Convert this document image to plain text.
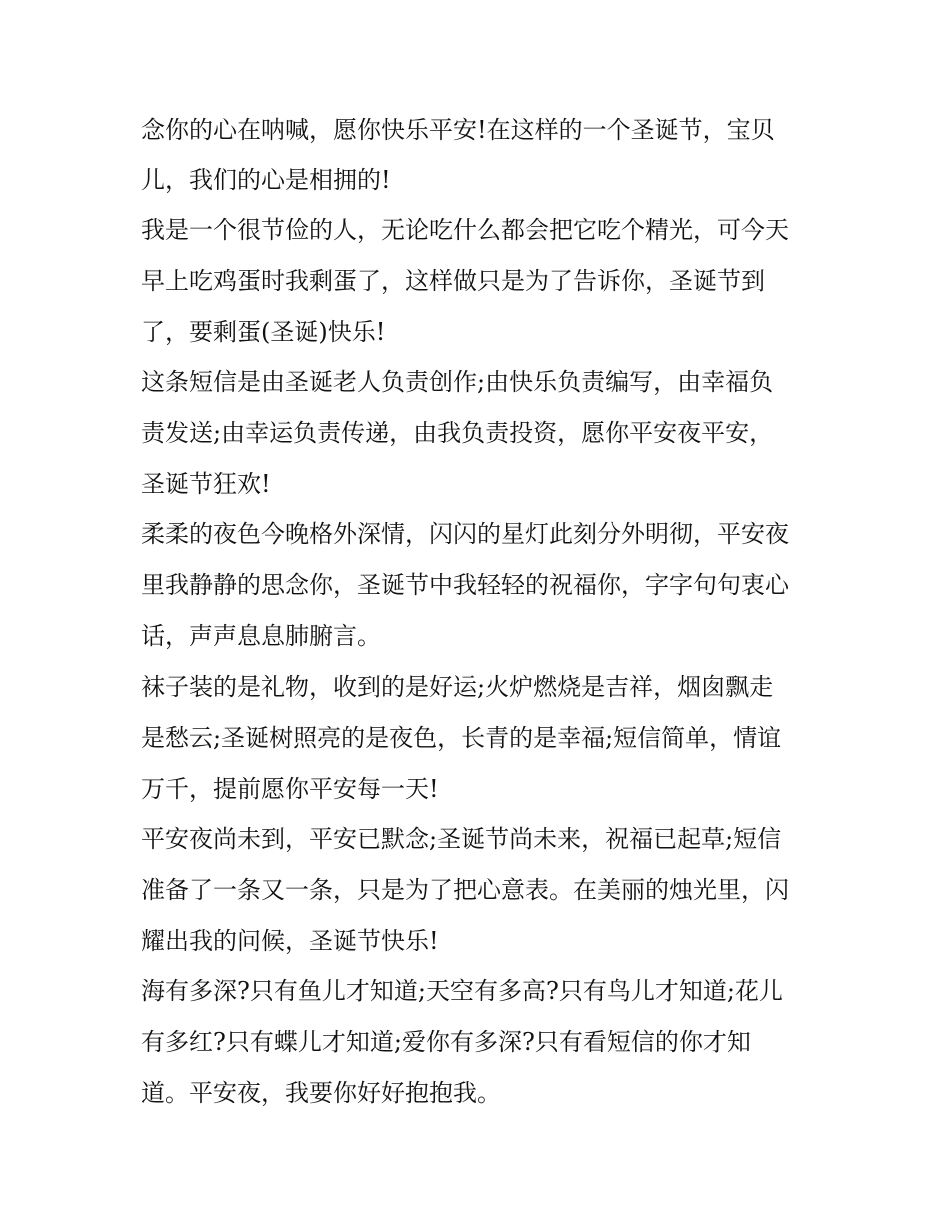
念你的心在呐喊，愿你快乐平安!在这样的一个圣诞节，宝贝
儿，我们的心是相拥的!
我是一个很节俭的人，无论吃什么都会把它吃个精光，可今天
早上吃鸡蛋时我剩蛋了，这样做只是为了告诉你，圣诞节到
了，要剩蛋(圣诞)快乐!
这条短信是由圣诞老人负责创作;由快乐负责编写，由幸福负
责发送;由幸运负责传递，由我负责投资，愿你平安夜平安，
圣诞节狂欢!
柔柔的夜色今晚格外深情，闪闪的星灯此刻分外明彻，平安夜
里我静静的思念你，圣诞节中我轻轻的祝福你，字字句句衷心
话，声声息息肺腑言。
袜子装的是礼物，收到的是好运;火炉燃烧是吉祥，烟囱飘走
是愁云;圣诞树照亮的是夜色，长青的是幸福;短信简单，情谊
万千，提前愿你平安每一天!
平安夜尚未到，平安已默念;圣诞节尚未来，祝福已起草;短信
准备了一条又一条，只是为了把心意表。在美丽的烛光里，闪
耀出我的问候，圣诞节快乐!
海有多深?只有鱼儿才知道;天空有多高?只有鸟儿才知道;花儿
有多红?只有蝶儿才知道;爱你有多深?只有看短信的你才知
道。平安夜，我要你好好抱抱我。
